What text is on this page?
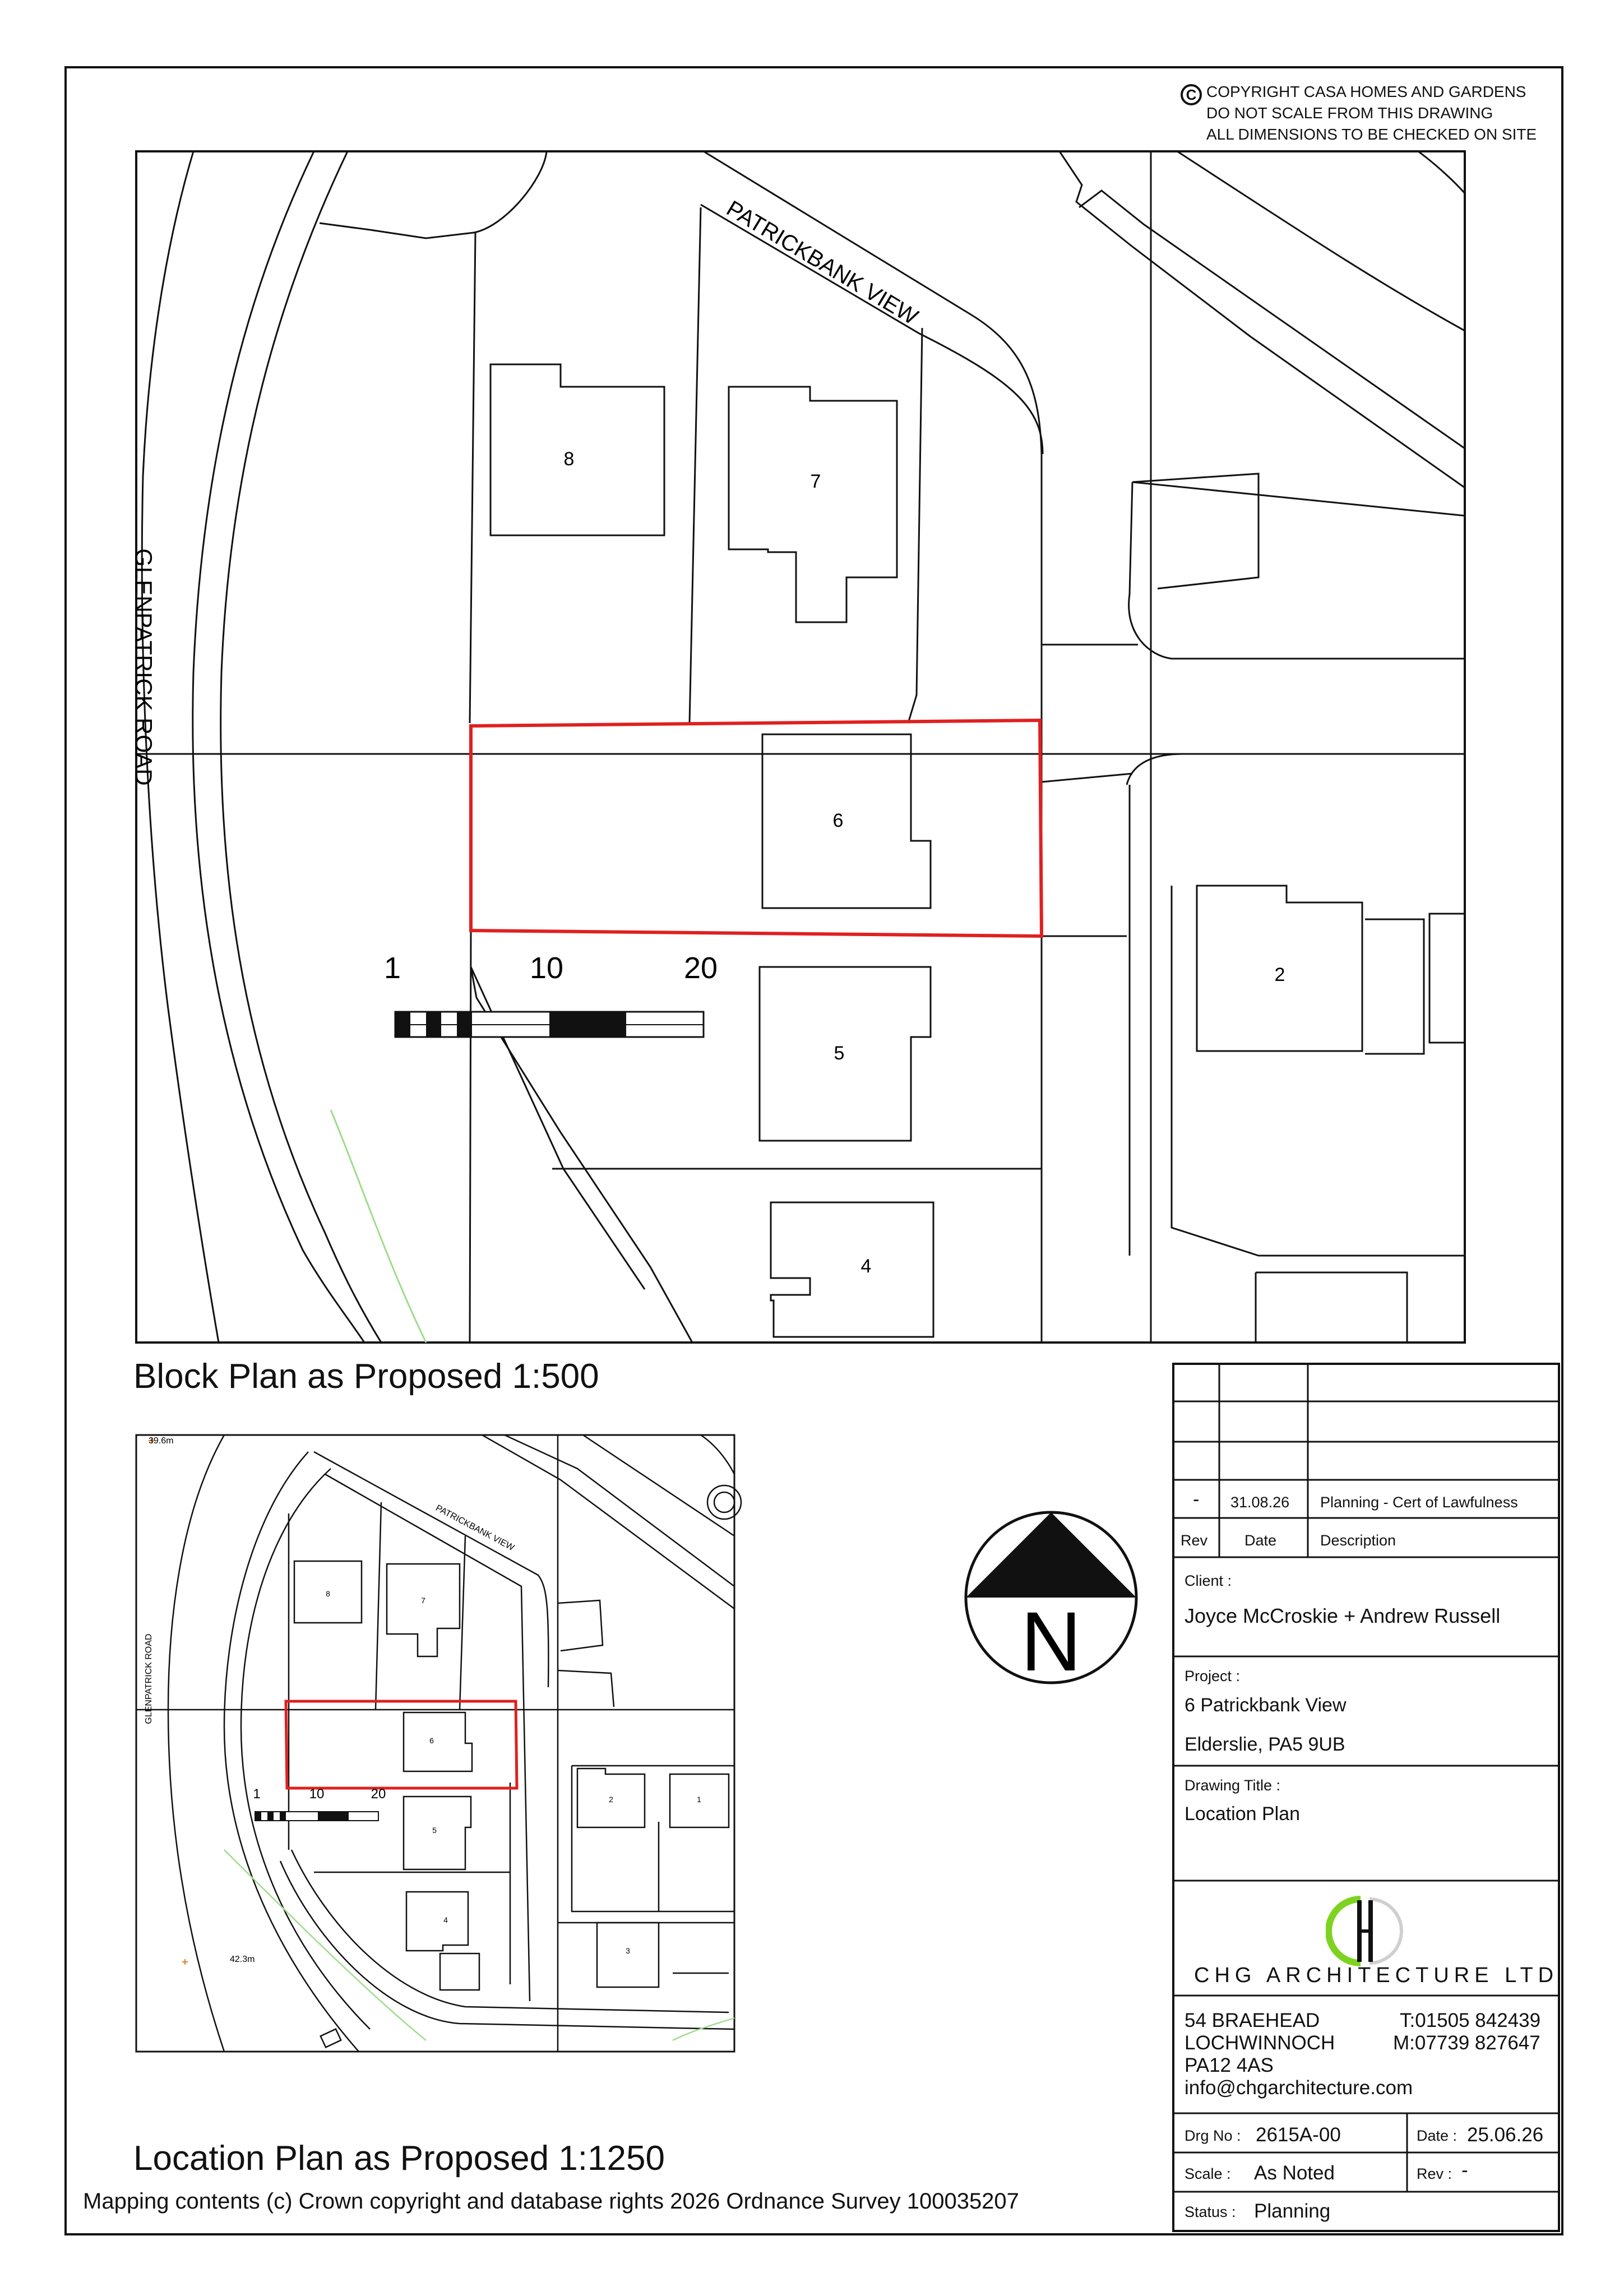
C COPYRIGHT CASA HOMES AND GARDENS
DO NOT SCALE FROM THIS DRAWING
ALL DIMENSIONS TO BE CHECKED ON SITE
8
7
6
5
4
2
PATRICKBANK VIEW
GLENPATRICK ROAD
1	10	20
Block Plan as Proposed 1:500
8
7
6
5
4
2	1
3
39.6m
42.3m
PATRICKBANK VIEW
GLENPATRICK ROAD
1	10	20
Location Plan as Proposed 1:1250
Mapping contents (c) Crown copyright and database rights 2026 Ordnance Survey 100035207
N
- 31.08.26 Planning - Cert of Lawfulness
Rev Date	Description
Client :
Joyce McCroskie + Andrew Russell
Project :
6 Patrickbank View
Elderslie, PA5 9UB
Drawing Title :
Location Plan
CHG ARCHITECTURE LTD
54 BRAEHEAD
LOCHWINNOCH
PA12 4AS
info@chgarchitecture.com
T:01505 842439
M:07739 827647
Drg No : 2615A-00	Date : 25.06.26
Scale : As Noted	Rev : -
Status : Planning
